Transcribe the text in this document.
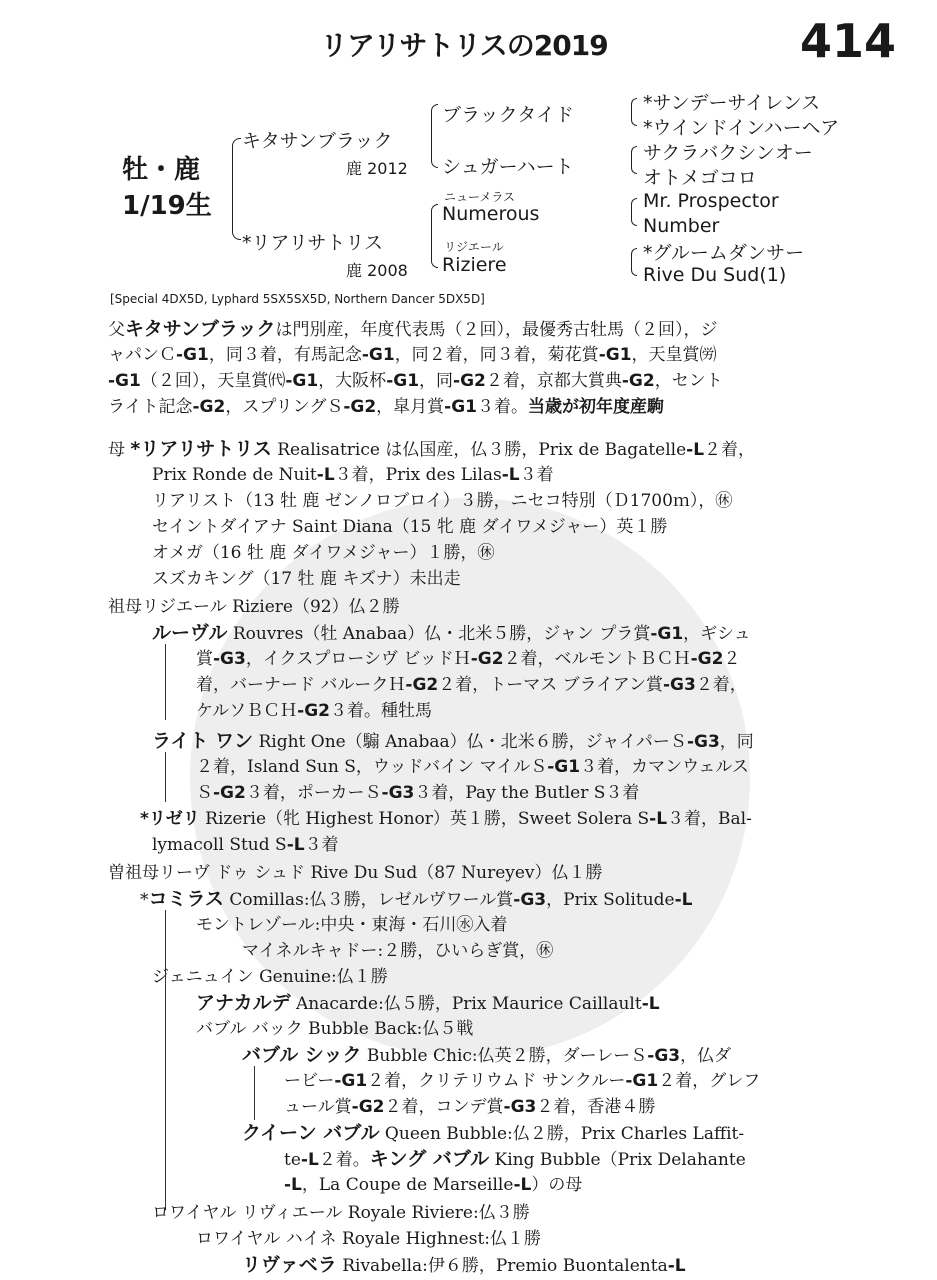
リアリサトリスの2019	414
牡・鹿
1/19生
キタサンブラック
鹿 2012
*リアリサトリス
鹿 2008
ブラックタイド
シュガーハート
ニューメラス
Numerous
リジエール
Riziere
*サンデーサイレンス
*ウインドインハーヘア
サクラバクシンオー
オトメゴコロ
Mr. Prospector
Number
*グルームダンサー
Rive Du Sud(1)
[Special 4DX5D, Lyphard 5SX5SX5D, Northern Dancer 5DX5D]
父キタサンブラックは門別産，年度代表馬（２回），最優秀古牡馬（２回），ジ
ャパンＣ-G1，同３着，有馬記念-G1，同２着，同３着，菊花賞-G1，天皇賞㈸
-G1（２回），天皇賞㈹-G1，大阪杯-G1，同-G2２着，京都大賞典-G2，セント
ライト記念-G2，スプリングＳ-G2，皐月賞-G1３着。当歳が初年度産駒
母 *リアリサトリス Realisatrice は仏国産，仏３勝，Prix de Bagatelle-L２着，
Prix Ronde de Nuit-L３着，Prix des Lilas-L３着
リアリスト（13 牡 鹿 ゼンノロブロイ）３勝，ニセコ特別（Ｄ1700ｍ），㊡
セイントダイアナ Saint Diana（15 牝 鹿 ダイワメジャー）英１勝
オメガ（16 牡 鹿 ダイワメジャー）１勝，㊡
スズカキング（17 牡 鹿 キズナ）未出走
祖母リジエール Riziere（92）仏２勝
ルーヴル Rouvres（牡 Anabaa）仏・北米５勝，ジャン プラ賞-G1，ギシュ
賞-G3，イクスプローシヴ ビッドＨ-G2２着，ベルモントＢＣＨ-G2２
着，バーナード バルークＨ-G2２着，トーマス ブライアン賞-G3２着，
ケルソＢＣＨ-G2３着。種牡馬
ライト ワン Right One（騸 Anabaa）仏・北米６勝，ジャイパーＳ-G3，同
２着，Island Sun S，ウッドバイン マイルＳ-G1３着，カマンウェルス
Ｓ-G2３着，ポーカーＳ-G3３着，Pay the Butler S３着
*リゼリ Rizerie（牝 Highest Honor）英１勝，Sweet Solera S-L３着，Bal-
lymacoll Stud S-L３着
曽祖母リーヴ ドゥ シュド Rive Du Sud（87 Nureyev）仏１勝
*コミラス Comillas:仏３勝，レゼルヴワール賞-G3，Prix Solitude-L
モントレゾール:中央・東海・石川㊌入着
マイネルキャドー:２勝，ひいらぎ賞，㊡
ジェニュイン Genuine:仏１勝
アナカルデ Anacarde:仏５勝，Prix Maurice Caillault-L
バブル バック Bubble Back:仏５戦
バブル シック Bubble Chic:仏英２勝，ダーレーＳ-G3，仏ダ
ービー-G1２着，クリテリウムド サンクルー-G1２着，グレフ
ュール賞-G2２着，コンデ賞-G3２着，香港４勝
クイーン バブル Queen Bubble:仏２勝，Prix Charles Laffit-
te-L２着。キング バブル King Bubble（Prix Delahante
-L，La Coupe de Marseille-L）の母
ロワイヤル リヴィエール Royale Riviere:仏３勝
ロワイヤル ハイネ Royale Highnest:仏１勝
リヴァベラ Rivabella:伊６勝，Premio Buontalenta-L
